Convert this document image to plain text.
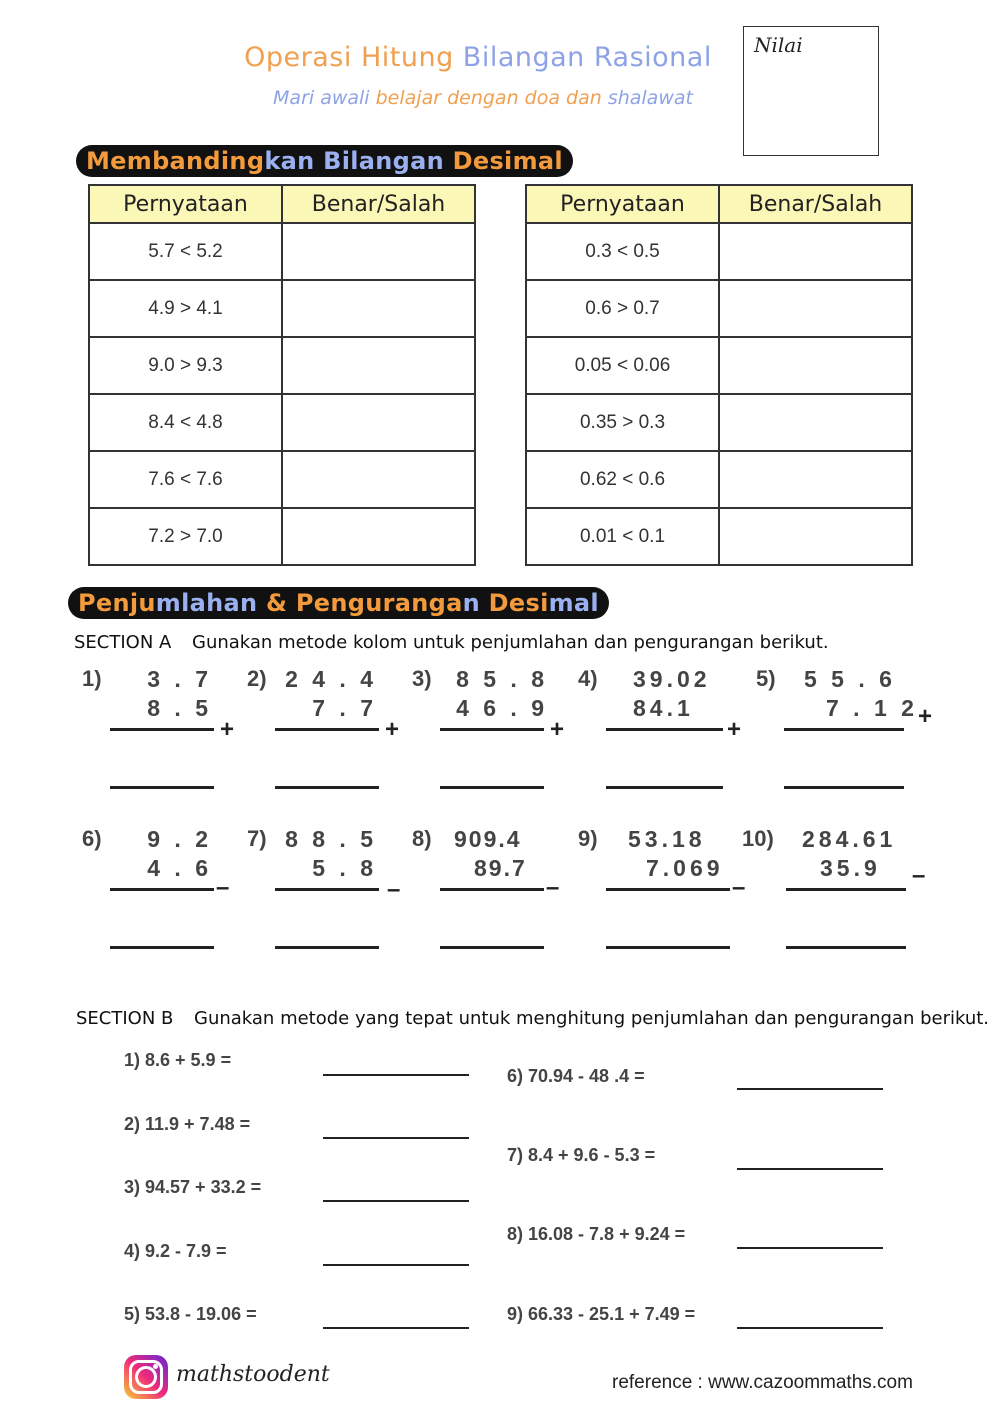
Operasi Hitung Bilangan Rasional
Mari awali belajar dengan doa dan shalawat
Nilai
Membandingkan Bilangan Desimal
Pernyataan	Benar/Salah
5.7 < 5.2	
4.9 > 4.1	
9.0 > 9.3	
8.4 < 4.8	
7.6 < 7.6	
7.2 > 7.0	
Pernyataan	Benar/Salah
0.3 < 0.5	
0.6 > 0.7	
0.05 < 0.06	
0.35 > 0.3	
0.62 < 0.6	
0.01 < 0.1	
Penjumlahan & Pengurangan Desimal
SECTION A Gunakan metode kolom untuk penjumlahan dan pengurangan berikut.
1) 3 . 7
8 . 5
+
2) 2 4 . 4
7 . 7
+
3) 8 5 . 8
4 6 . 9
+
4) 39.02
84.1
+
5) 5 5 . 6
7 . 1 2 +
6) 9 . 2
4 . 6
–
7) 8 8 . 5
5 . 8
–
8) 909.4
89.7
–
9) 53.18
7.069
–
10) 284.61
35.9 –
SECTION B Gunakan metode yang tepat untuk menghitung penjumlahan dan pengurangan berikut.
1) 8.6 + 5.9 =
2) 11.9 + 7.48 =
3) 94.57 + 33.2 =
4) 9.2 - 7.9 =
5) 53.8 - 19.06 =
6) 70.94 - 48 .4 =
7) 8.4 + 9.6 - 5.3 =
8) 16.08 - 7.8 + 9.24 =
9) 66.33 - 25.1 + 7.49 =
mathstoodent	reference : www.cazoommaths.com
